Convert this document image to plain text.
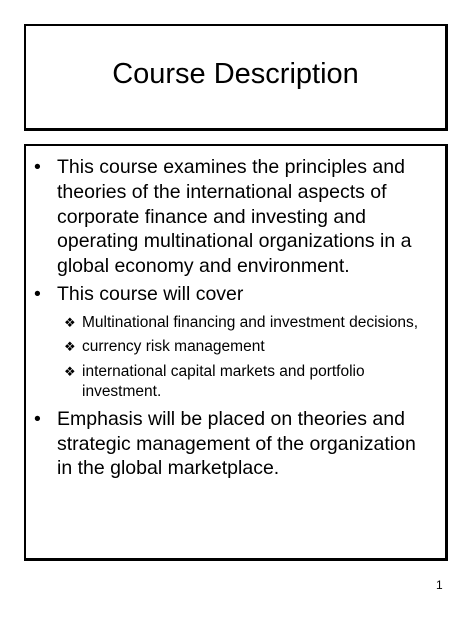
Course Description
• This course examines the principles and theories of the international aspects of corporate finance and investing and operating multinational organizations in a global economy and environment.
• This course will cover
❖ Multinational financing and investment decisions,
❖ currency risk management
❖ international capital markets and portfolio investment.
• Emphasis will be placed on theories and strategic management of the organization in the global marketplace.
1
